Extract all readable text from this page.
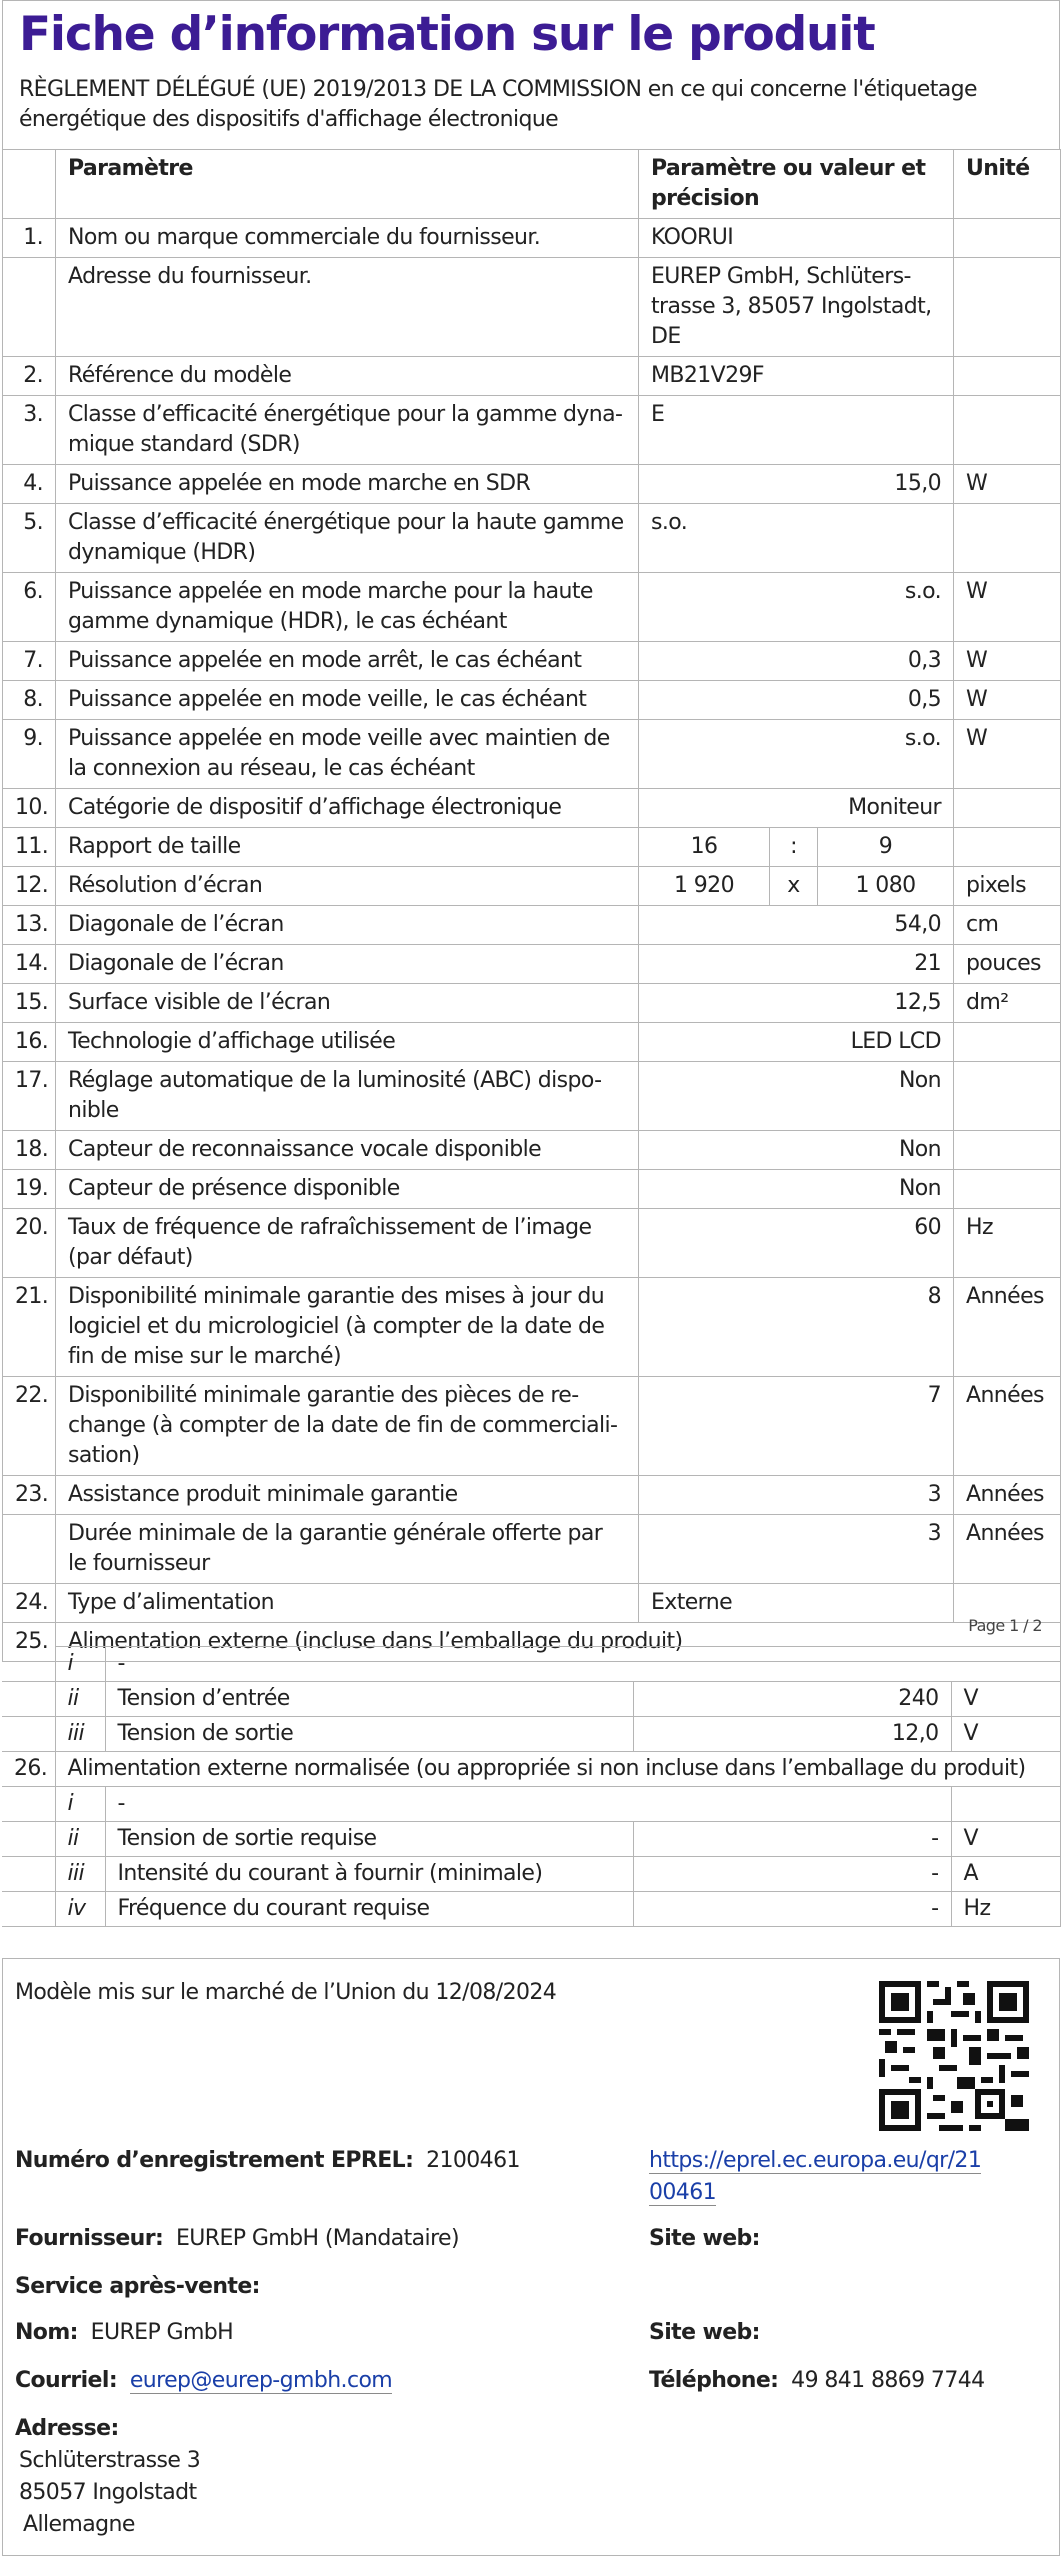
Fiche d’information sur le produit
RÈGLEMENT DÉLÉGUÉ (UE) 2019/2013 DE LA COMMISSION en ce qui concerne l'étiquetage énergétique des dispositifs d'affichage électronique
	Paramètre	Paramètre ou valeur et précision			Unité
1.	Nom ou marque commerciale du fournisseur.	KOORUI			
	Adresse du fournisseur.	EUREP GmbH, Schlüters-trasse 3, 85057 Ingolstadt, DE			
2.	Référence du modèle	MB21V29F			
3.	Classe d’efficacité énergétique pour la gamme dyna-mique standard (SDR)	E			
4.	Puissance appelée en mode marche en SDR	15,0			W
5.	Classe d’efficacité énergétique pour la haute gamme dynamique (HDR)	s.o.			
6.	Puissance appelée en mode marche pour la haute gamme dynamique (HDR), le cas échéant	s.o.			W
7.	Puissance appelée en mode arrêt, le cas échéant	0,3			W
8.	Puissance appelée en mode veille, le cas échéant	0,5			W
9.	Puissance appelée en mode veille avec maintien de la connexion au réseau, le cas échéant	s.o.			W
10.	Catégorie de dispositif d’affichage électronique	Moniteur			
11.	Rapport de taille	16	:	9	
12.	Résolution d’écran	1 920	x	1 080	pixels
13.	Diagonale de l’écran	54,0			cm
14.	Diagonale de l’écran	21			pouces
15.	Surface visible de l’écran	12,5			dm²
16.	Technologie d’affichage utilisée	LED LCD			
17.	Réglage automatique de la luminosité (ABC) dispo-nible	Non			
18.	Capteur de reconnaissance vocale disponible	Non			
19.	Capteur de présence disponible	Non			
20.	Taux de fréquence de rafraîchissement de l’image (par défaut)	60			Hz
21.	Disponibilité minimale garantie des mises à jour du logiciel et du micrologiciel (à compter de la date de fin de mise sur le marché)	8			Années
22.	Disponibilité minimale garantie des pièces de re-change (à compter de la date de fin de commerciali-sation)	7			Années
23.	Assistance produit minimale garantie	3			Années
	Durée minimale de la garantie générale offerte par le fournisseur	3			Années
24.	Type d’alimentation	Externe			
25.	Alimentation externe (incluse dans l’emballage du produit)				
Page 1 / 2
	i	-		
	ii	Tension d’entrée	240	V
	iii	Tension de sortie	12,0	V
26.	Alimentation externe normalisée (ou appropriée si non incluse dans l’emballage du produit)			
	i	-		
	ii	Tension de sortie requise	-	V
	iii	Intensité du courant à fournir (minimale)	-	A
	iv	Fréquence du courant requise	-	Hz
Modèle mis sur le marché de l’Union du 12/08/2024
Numéro d’enregistrement EPREL: 2100461	https://eprel.ec.europa.eu/qr/21
00461
Fournisseur: EUREP GmbH (Mandataire)	Site web:
Service après-vente:
Nom: EUREP GmbH	Site web:
Courriel: eurep@eurep-gmbh.com	Téléphone: 49 841 8869 7744
Adresse:
Schlüterstrasse 3
85057 Ingolstadt
Allemagne
